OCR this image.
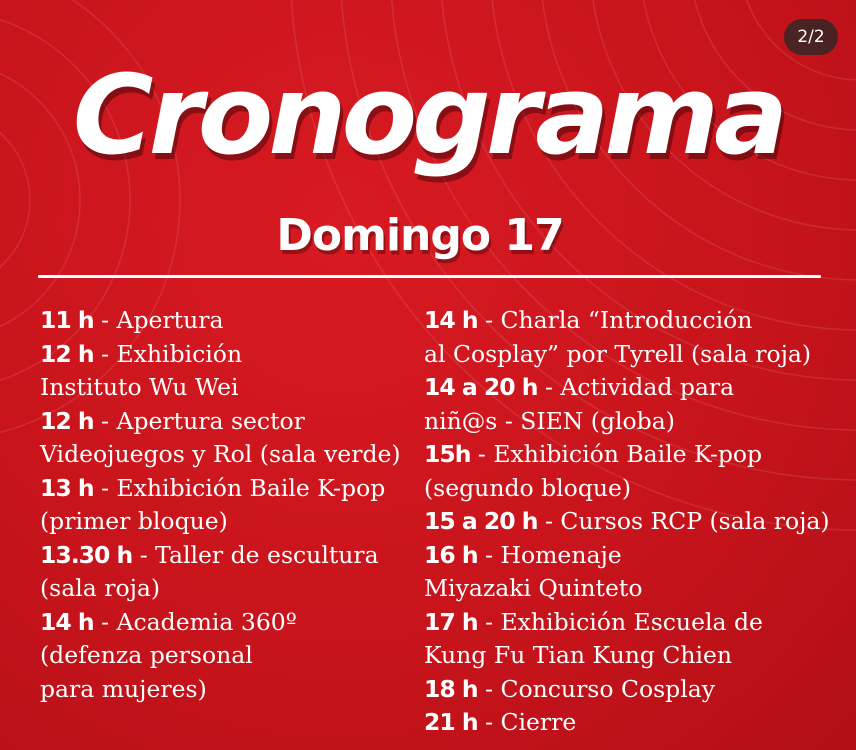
2/2
Cronograma
Domingo 17
11 h - Apertura
12 h - Exhibición
Instituto Wu Wei
12 h - Apertura sector
Videojuegos y Rol (sala verde)
13 h - Exhibición Baile K-pop
(primer bloque)
13.30 h - Taller de escultura
(sala roja)
14 h - Academia 360º
(defenza personal
para mujeres)
14 h - Charla “Introducción
al Cosplay” por Tyrell (sala roja)
14 a 20 h - Actividad para
niñ@s - SIEN (globa)
15h - Exhibición Baile K-pop
(segundo bloque)
15 a 20 h - Cursos RCP (sala roja)
16 h - Homenaje
Miyazaki Quinteto
17 h - Exhibición Escuela de
Kung Fu Tian Kung Chien
18 h - Concurso Cosplay
21 h - Cierre
